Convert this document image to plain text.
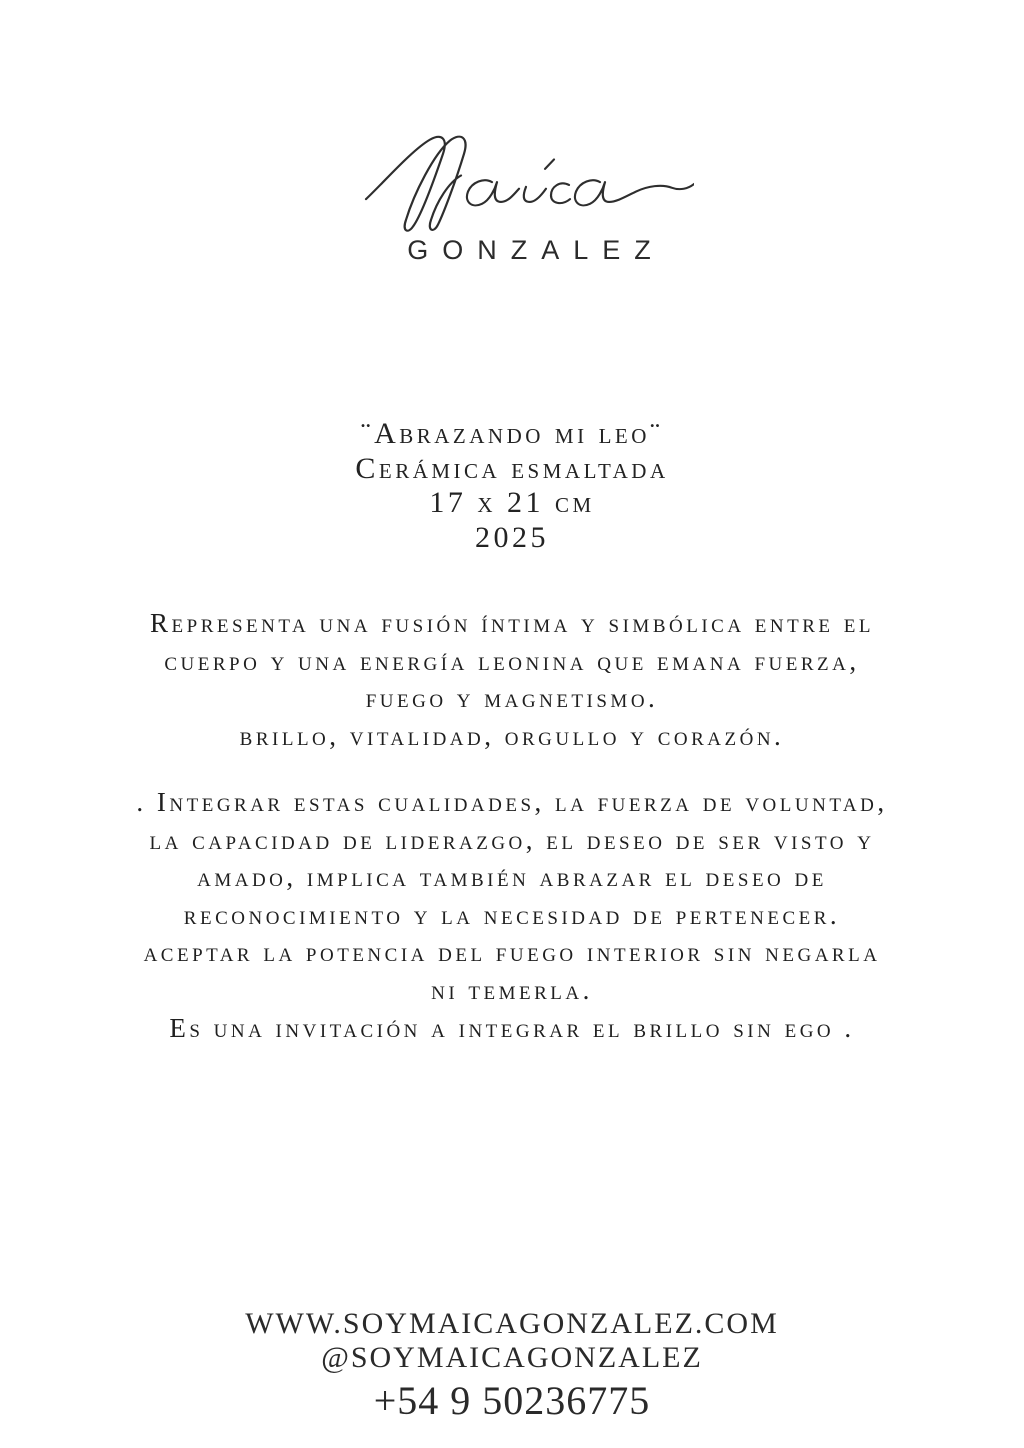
GONZALEZ
¨Abrazando mi leo¨
Cerámica esmaltada
17 x 21 cm
2025
Representa una fusión íntima y simbólica entre el
cuerpo y una energía leonina que emana fuerza,
fuego y magnetismo.
brillo, vitalidad, orgullo y corazón.
. Integrar estas cualidades, la fuerza de voluntad,
la capacidad de liderazgo, el deseo de ser visto y
amado, implica también abrazar el deseo de
reconocimiento y la necesidad de pertenecer.
aceptar la potencia del fuego interior sin negarla
ni temerla.
Es una invitación a integrar el brillo sin ego .
WWW.SOYMAICAGONZALEZ.COM
@SOYMAICAGONZALEZ
+54 9 50236775
